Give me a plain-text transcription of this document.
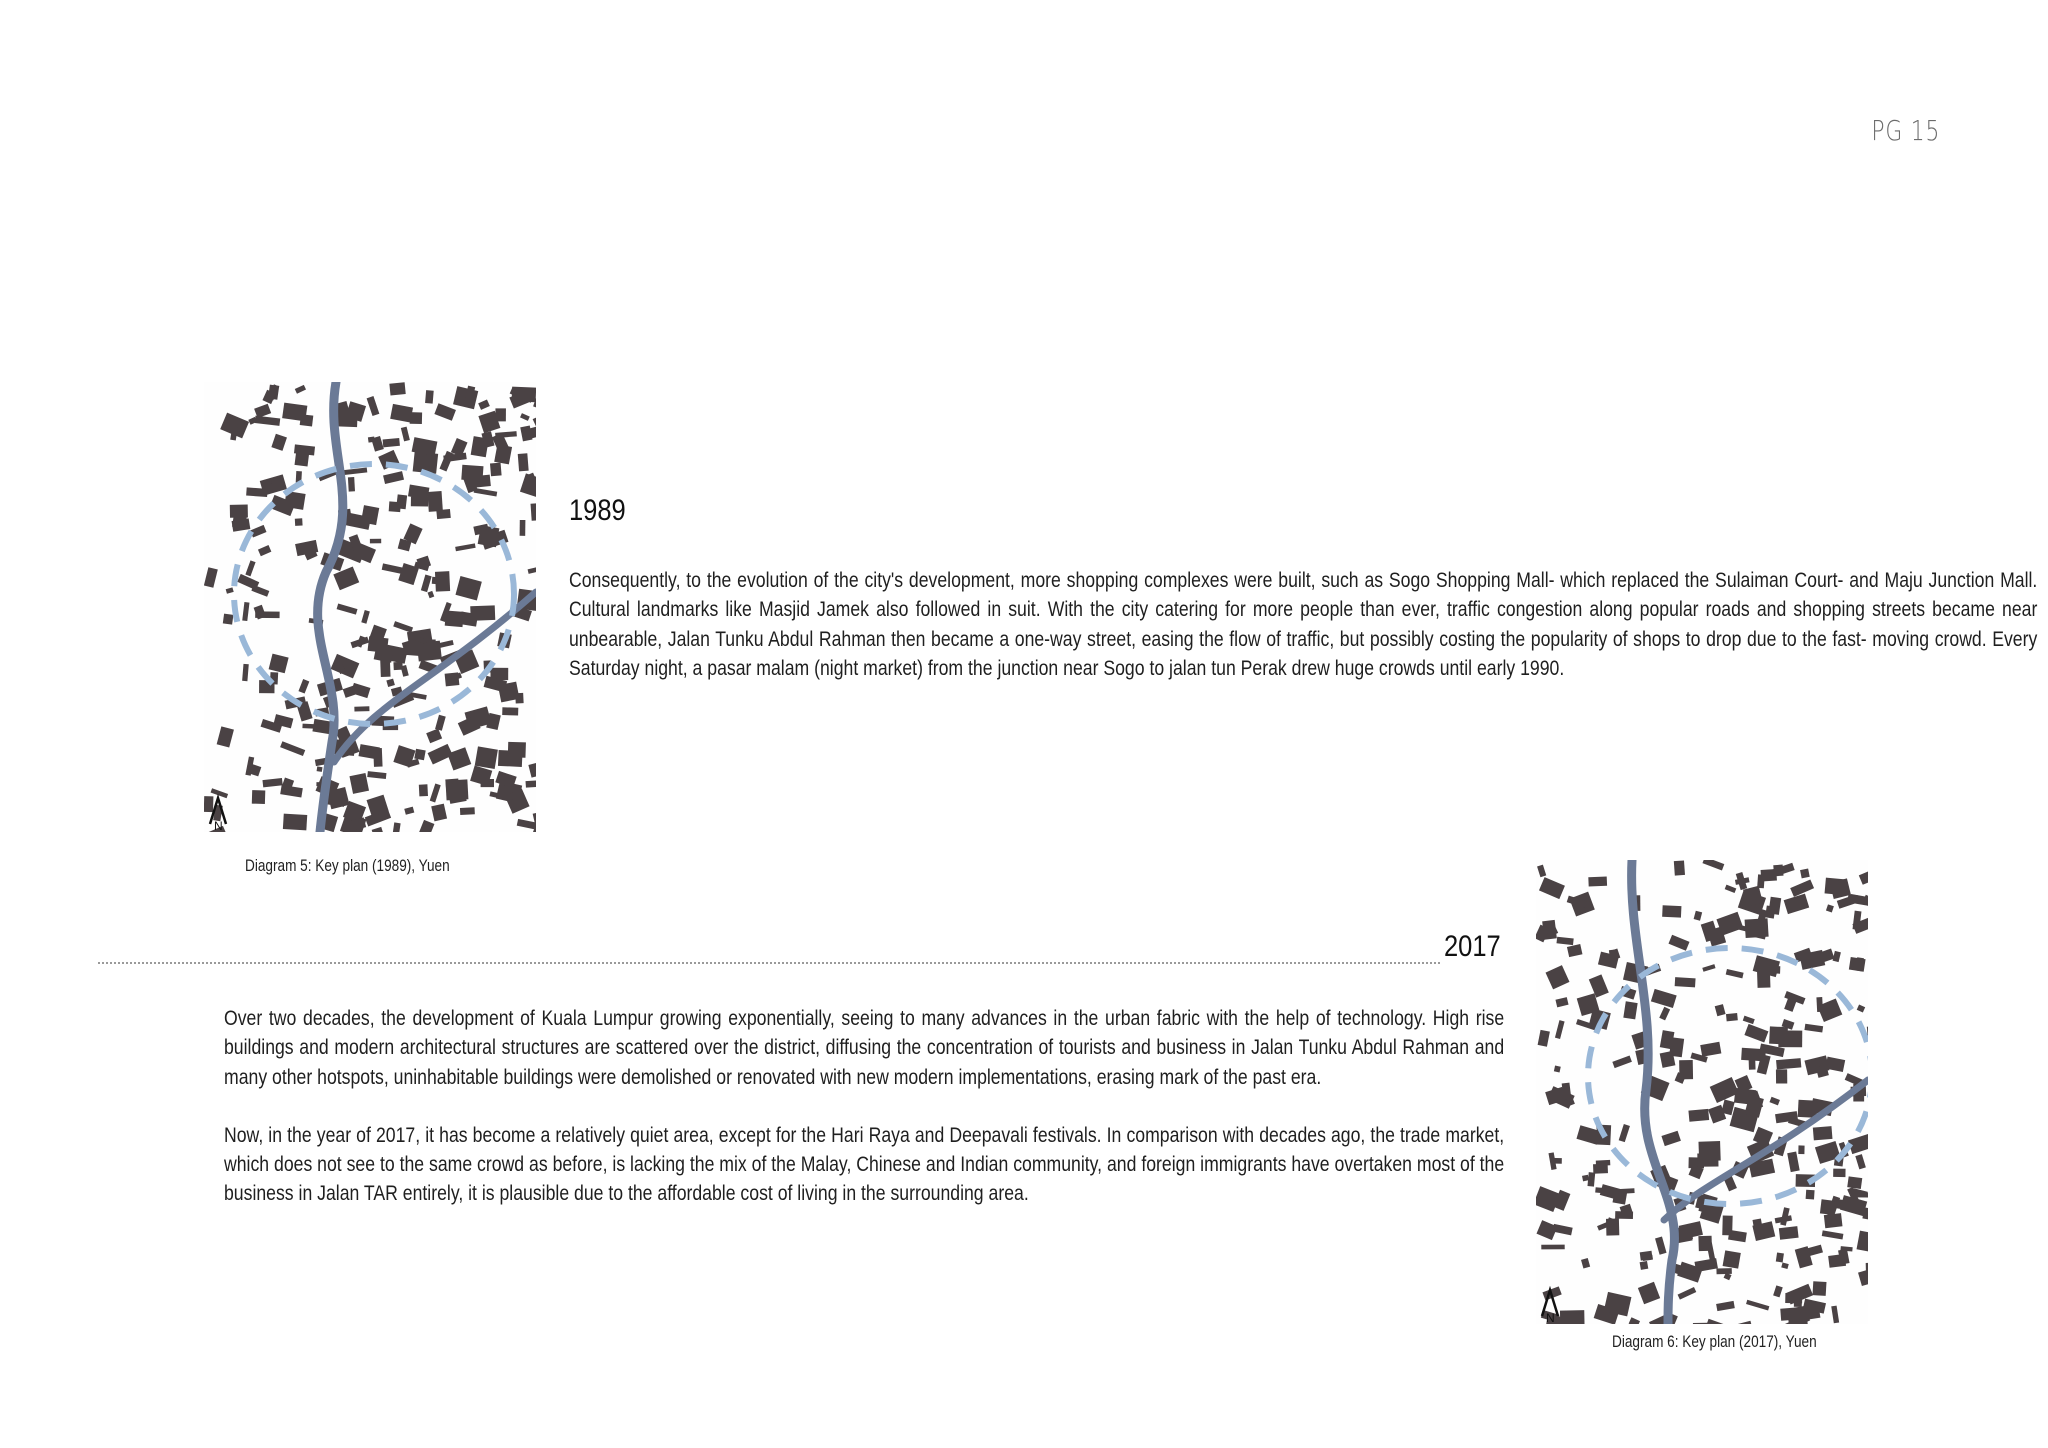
PG 15
N
Diagram 5: Key plan (1989), Yuen
1989

Consequently, to the evolution of the city's development, more shopping complexes were built, such as Sogo Shopping Mall- which replaced the Sulaiman Court- and Maju Junction Mall. Cultural landmarks like Masjid Jamek also followed in suit. With the city catering for more people than ever, traffic congestion along popular roads and shopping streets became near unbearable, Jalan Tunku Abdul Rahman then became a one-way street, easing the flow of traffic, but possibly costing the popularity of shops to drop due to the fast- moving crowd. Every Saturday night, a pasar malam (night market) from the junction near Sogo to jalan tun Perak drew huge crowds until early 1990.

2017

Over two decades, the development of Kuala Lumpur growing exponentially, seeing to many advances in the urban fabric with the help of technology. High rise buildings and modern architectural structures are scattered over the district, diffusing the concentration of tourists and business in Jalan Tunku Abdul Rahman and many other hotspots, uninhabitable buildings were demolished or renovated with new modern implementations, erasing mark of the past era.

Now, in the year of 2017, it has become a relatively quiet area, except for the Hari Raya and Deepavali festivals. In comparison with decades ago, the trade market, which does not see to the same crowd as before, is lacking the mix of the Malay, Chinese and Indian community, and foreign immigrants have overtaken most of the business in Jalan TAR entirely, it is plausible due to the affordable cost of living in the surrounding area.

N
Diagram 6: Key plan (2017), Yuen
